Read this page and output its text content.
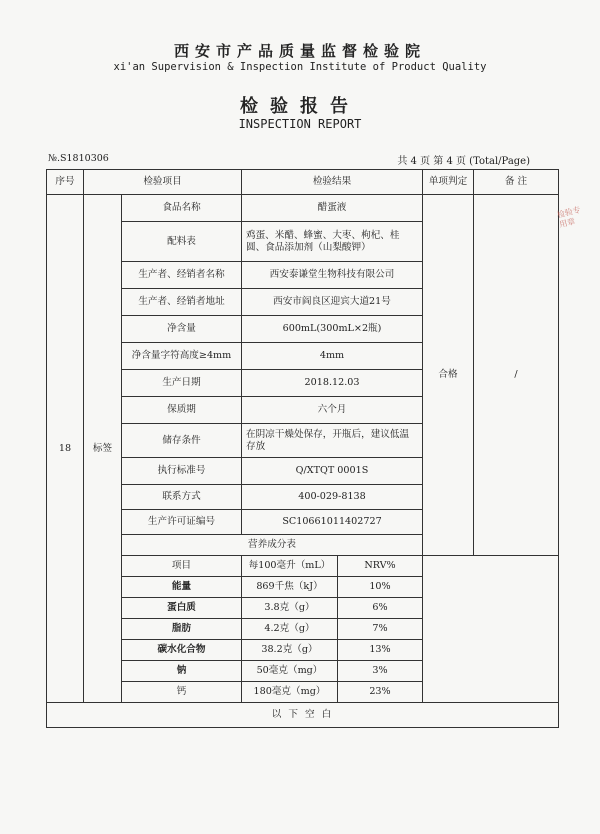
西安市产品质量监督检验院
xi'an Supervision & Inspection Institute of Product Quality
检验报告
INSPECTION REPORT
№.S1810306	共 4 页 第 4 页 (Total/Page)
序号	检验项目		检验结果		单项判定	备 注
18	标签	食品名称	醋蛋液		合格	/
		配料表	鸡蛋、米醋、蜂蜜、大枣、枸杞、桂圆、食品添加剂（山梨酸钾）			
		生产者、经销者名称	西安泰谦堂生物科技有限公司			
		生产者、经销者地址	西安市阎良区迎宾大道21号			
		净含量	600mL(300mL×2瓶)			
		净含量字符高度≥4mm	4mm			
		生产日期	2018.12.03			
		保质期	六个月			
		储存条件	在阴凉干燥处保存，开瓶后，建议低温存放			
		执行标准号	Q/XTQT 0001S			
		联系方式	400-029-8138			
		生产许可证编号	SC10661011402727			
		营养成分表				
		项目	每100毫升（mL）	NRV%		
		能量	869千焦（kJ）	10%		
		蛋白质	3.8克（g）	6%		
		脂肪	4.2克（g）	7%		
		碳水化合物	38.2克（g）	13%		
		钠	50毫克（mg）	3%		
		钙	180毫克（mg）	23%		
以 下 空 白						
检验专用章
